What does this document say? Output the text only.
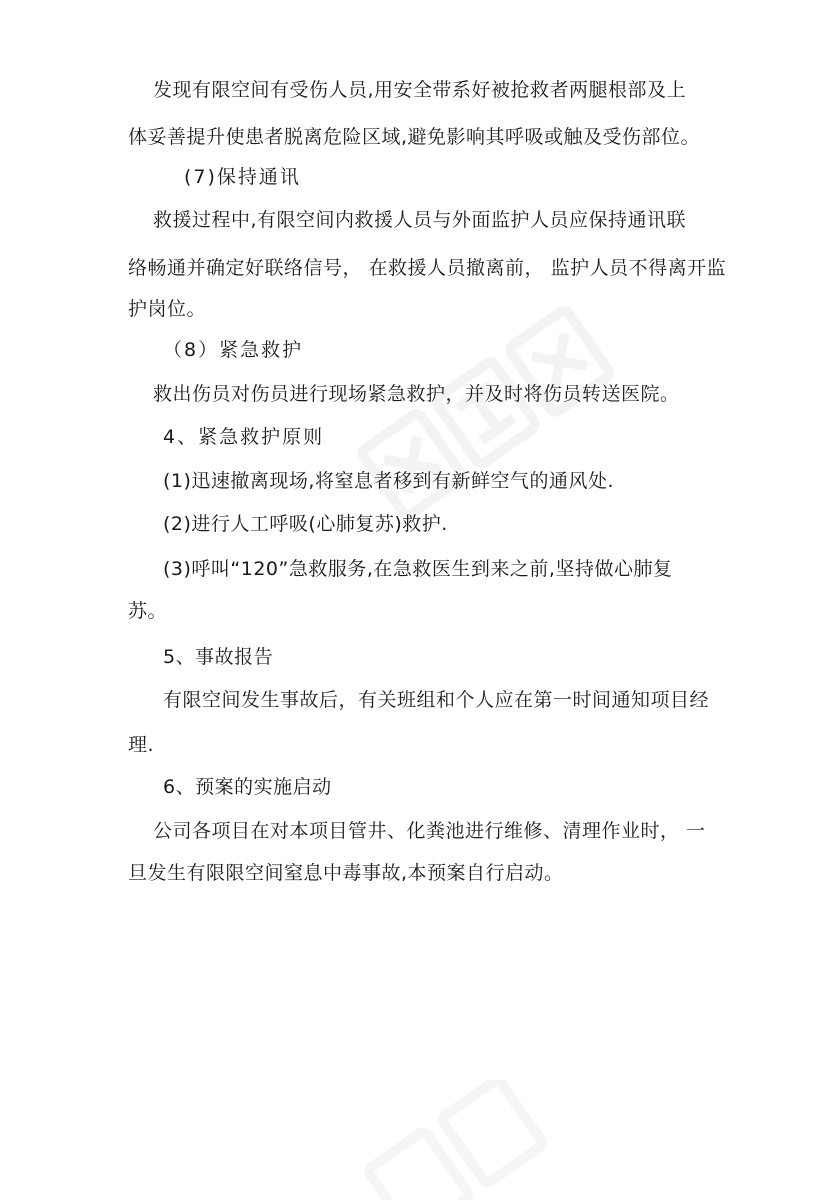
发现有限空间有受伤人员,用安全带系好被抢救者两腿根部及上
体妥善提升使患者脱离危险区域,避免影响其呼吸或触及受伤部位。
(7)保持通讯
救援过程中,有限空间内救援人员与外面监护人员应保持通讯联
络畅通并确定好联络信号， 在救援人员撤离前， 监护人员不得离开监
护岗位。
（8）紧急救护
救出伤员对伤员进行现场紧急救护，并及时将伤员转送医院。
4、紧急救护原则
(1)迅速撤离现场,将窒息者移到有新鲜空气的通风处.
(2)进行人工呼吸(心肺复苏)救护.
(3)呼叫“120”急救服务,在急救医生到来之前,坚持做心肺复
苏。
5、事故报告
有限空间发生事故后，有关班组和个人应在第一时间通知项目经
理.
6、预案的实施启动
公司各项目在对本项目管井、化粪池进行维修、清理作业时， 一
旦发生有限限空间窒息中毒事故,本预案自行启动。
